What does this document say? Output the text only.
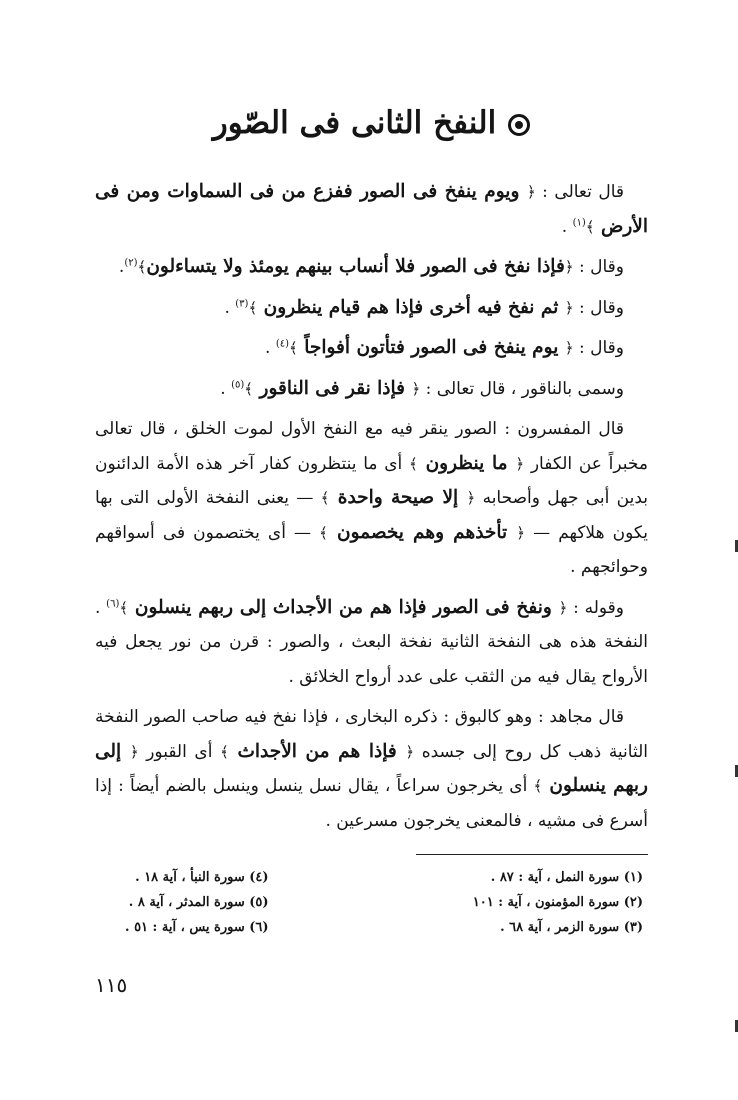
النفخ الثانى فى الصّور

قال تعالى : ﴿ ويوم ينفخ فى الصور ففزع من فى السماوات ومن فى الأرض ﴾$^{(١)}$ .

وقال : ﴿فإذا نفخ فى الصور فلا أنساب بينهم يومئذ ولا يتساءلون﴾$^{(٢)}$.

وقال : ﴿ ثم نفخ فيه أخرى فإذا هم قيام ينظرون ﴾$^{(٣)}$ .

وقال : ﴿ يوم ينفخ فى الصور فتأتون أفواجاً ﴾$^{(٤)}$ .

وسمى بالناقور ، قال تعالى : ﴿ فإذا نقر فى الناقور ﴾$^{(٥)}$ .

قال المفسرون : الصور ينقر فيه مع النفخ الأول لموت الخلق ، قال تعالى مخبراً عن الكفار ﴿ ما ينظرون ﴾ أى ما ينتظرون كفار آخر هذه الأمة الدائنون بدين أبى جهل وأصحابه ﴿ إلا صيحة واحدة ﴾ — يعنى النفخة الأولى التى بها يكون هلاكهم — ﴿ تأخذهم وهم يخصمون ﴾ — أى يختصمون فى أسواقهم وحوائجهم .

وقوله : ﴿ ونفخ فى الصور فإذا هم من الأجداث إلى ربهم ينسلون ﴾$^{(٦)}$ . النفخة هذه هى النفخة الثانية نفخة البعث ، والصور : قرن من نور يجعل فيه الأرواح يقال فيه من الثقب على عدد أرواح الخلائق .

قال مجاهد : وهو كالبوق : ذكره البخارى ، فإذا نفخ فيه صاحب الصور النفخة الثانية ذهب كل روح إلى جسده ﴿ فإذا هم من الأجداث ﴾ أى القبور ﴿ إلى ربهم ينسلون ﴾ أى يخرجون سراعاً ، يقال نسل ينسل وينسل بالضم أيضاً : إذا أسرع فى مشيه ، فالمعنى يخرجون مسرعين .

(١) سورة النمل ، آية : ٨٧ .
(٢) سورة المؤمنون ، آية : ١٠١
(٣) سورة الزمر ، آية ٦٨ .
(٤) سورة النبأ ، آية ١٨ .
(٥) سورة المدثر ، آية ٨ .
(٦) سورة يس ، آية : ٥١ .
١١٥
